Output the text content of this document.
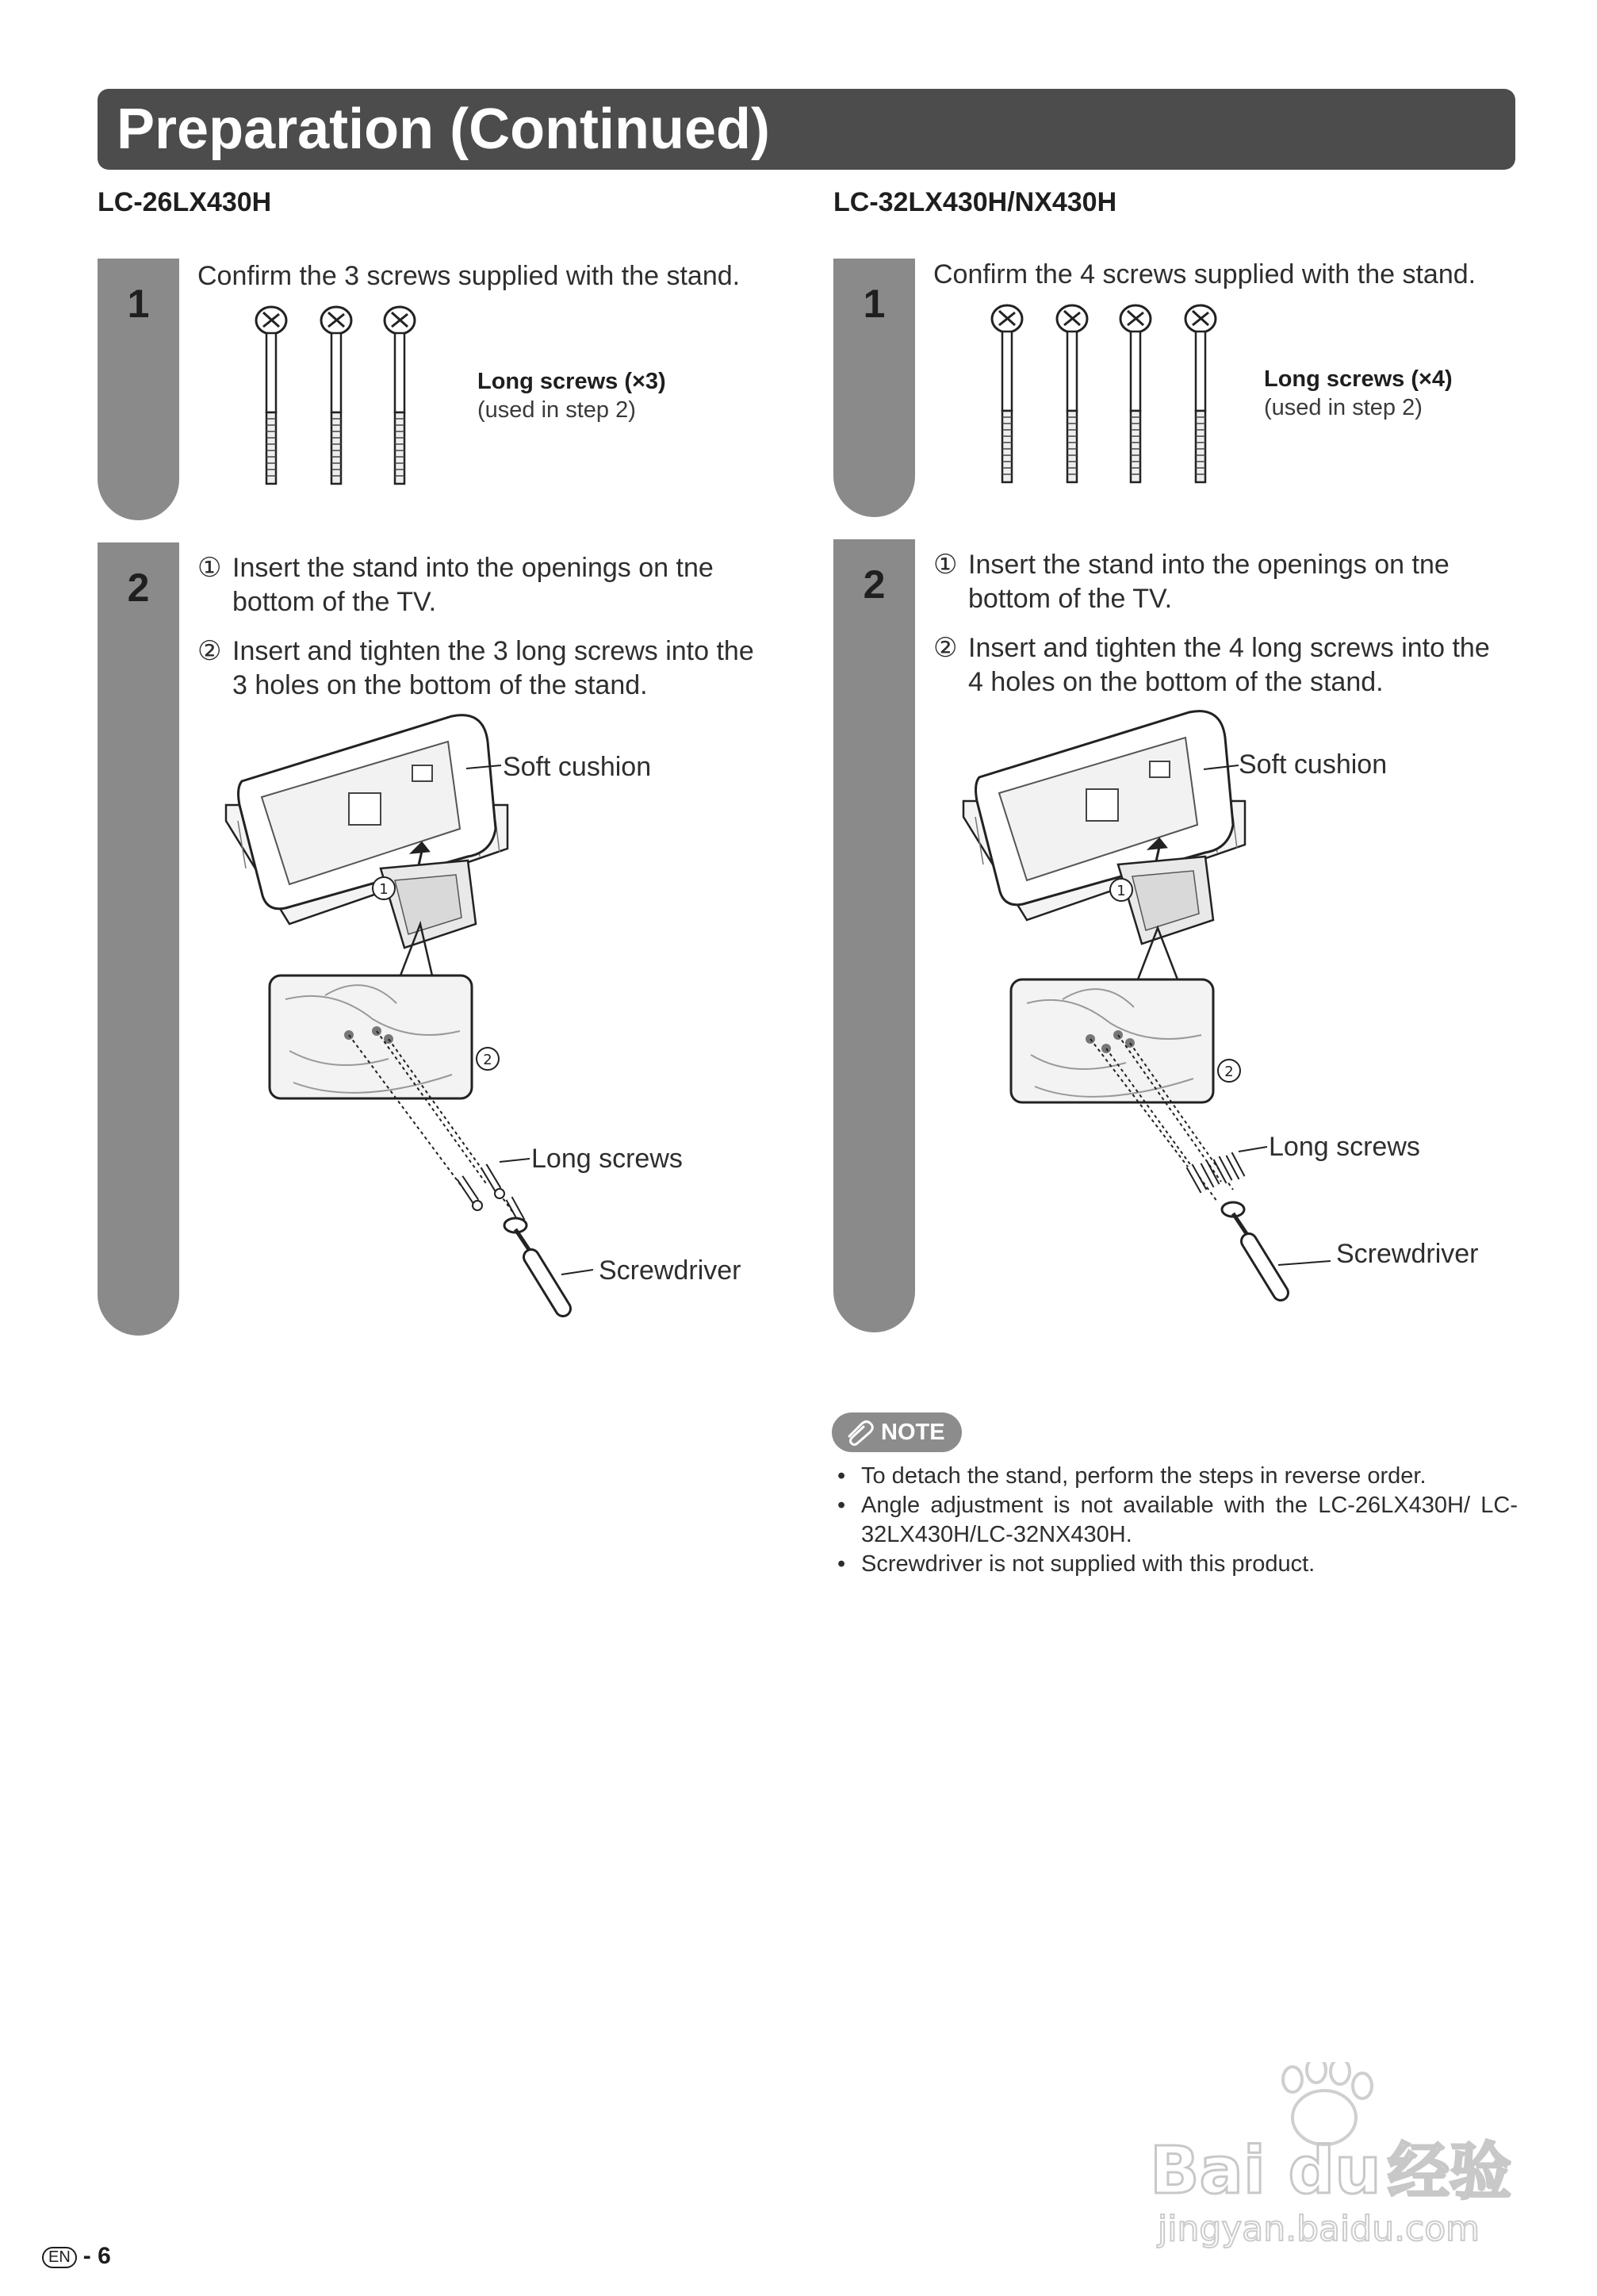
Preparation (Continued)
LC-26LX430H
1
Confirm the 3 screws supplied with the stand.
Long screws (×3)
(used in step 2)
2	① Insert the stand into the openings on tne
bottom of the TV.
② Insert and tighten the 3 long screws into the
3 holes on the bottom of the stand.
1
2
Soft cushion
Long screws
Screwdriver
LC-32LX430H/NX430H
1
Confirm the 4 screws supplied with the stand.
Long screws (×4)
(used in step 2)
2	① Insert the stand into the openings on tne
bottom of the TV.
② Insert and tighten the 4 long screws into the
4 holes on the bottom of the stand.
1
2
Soft cushion
Long screws
Screwdriver
NOTE
• To detach the stand, perform the steps in reverse order.
• Angle adjustment is not available with the LC-26LX430H/ LC-32LX430H/LC-32NX430H.
• Screwdriver is not supplied with this product.
Bai du 经验
jingyan.baidu.com
EN - 6
